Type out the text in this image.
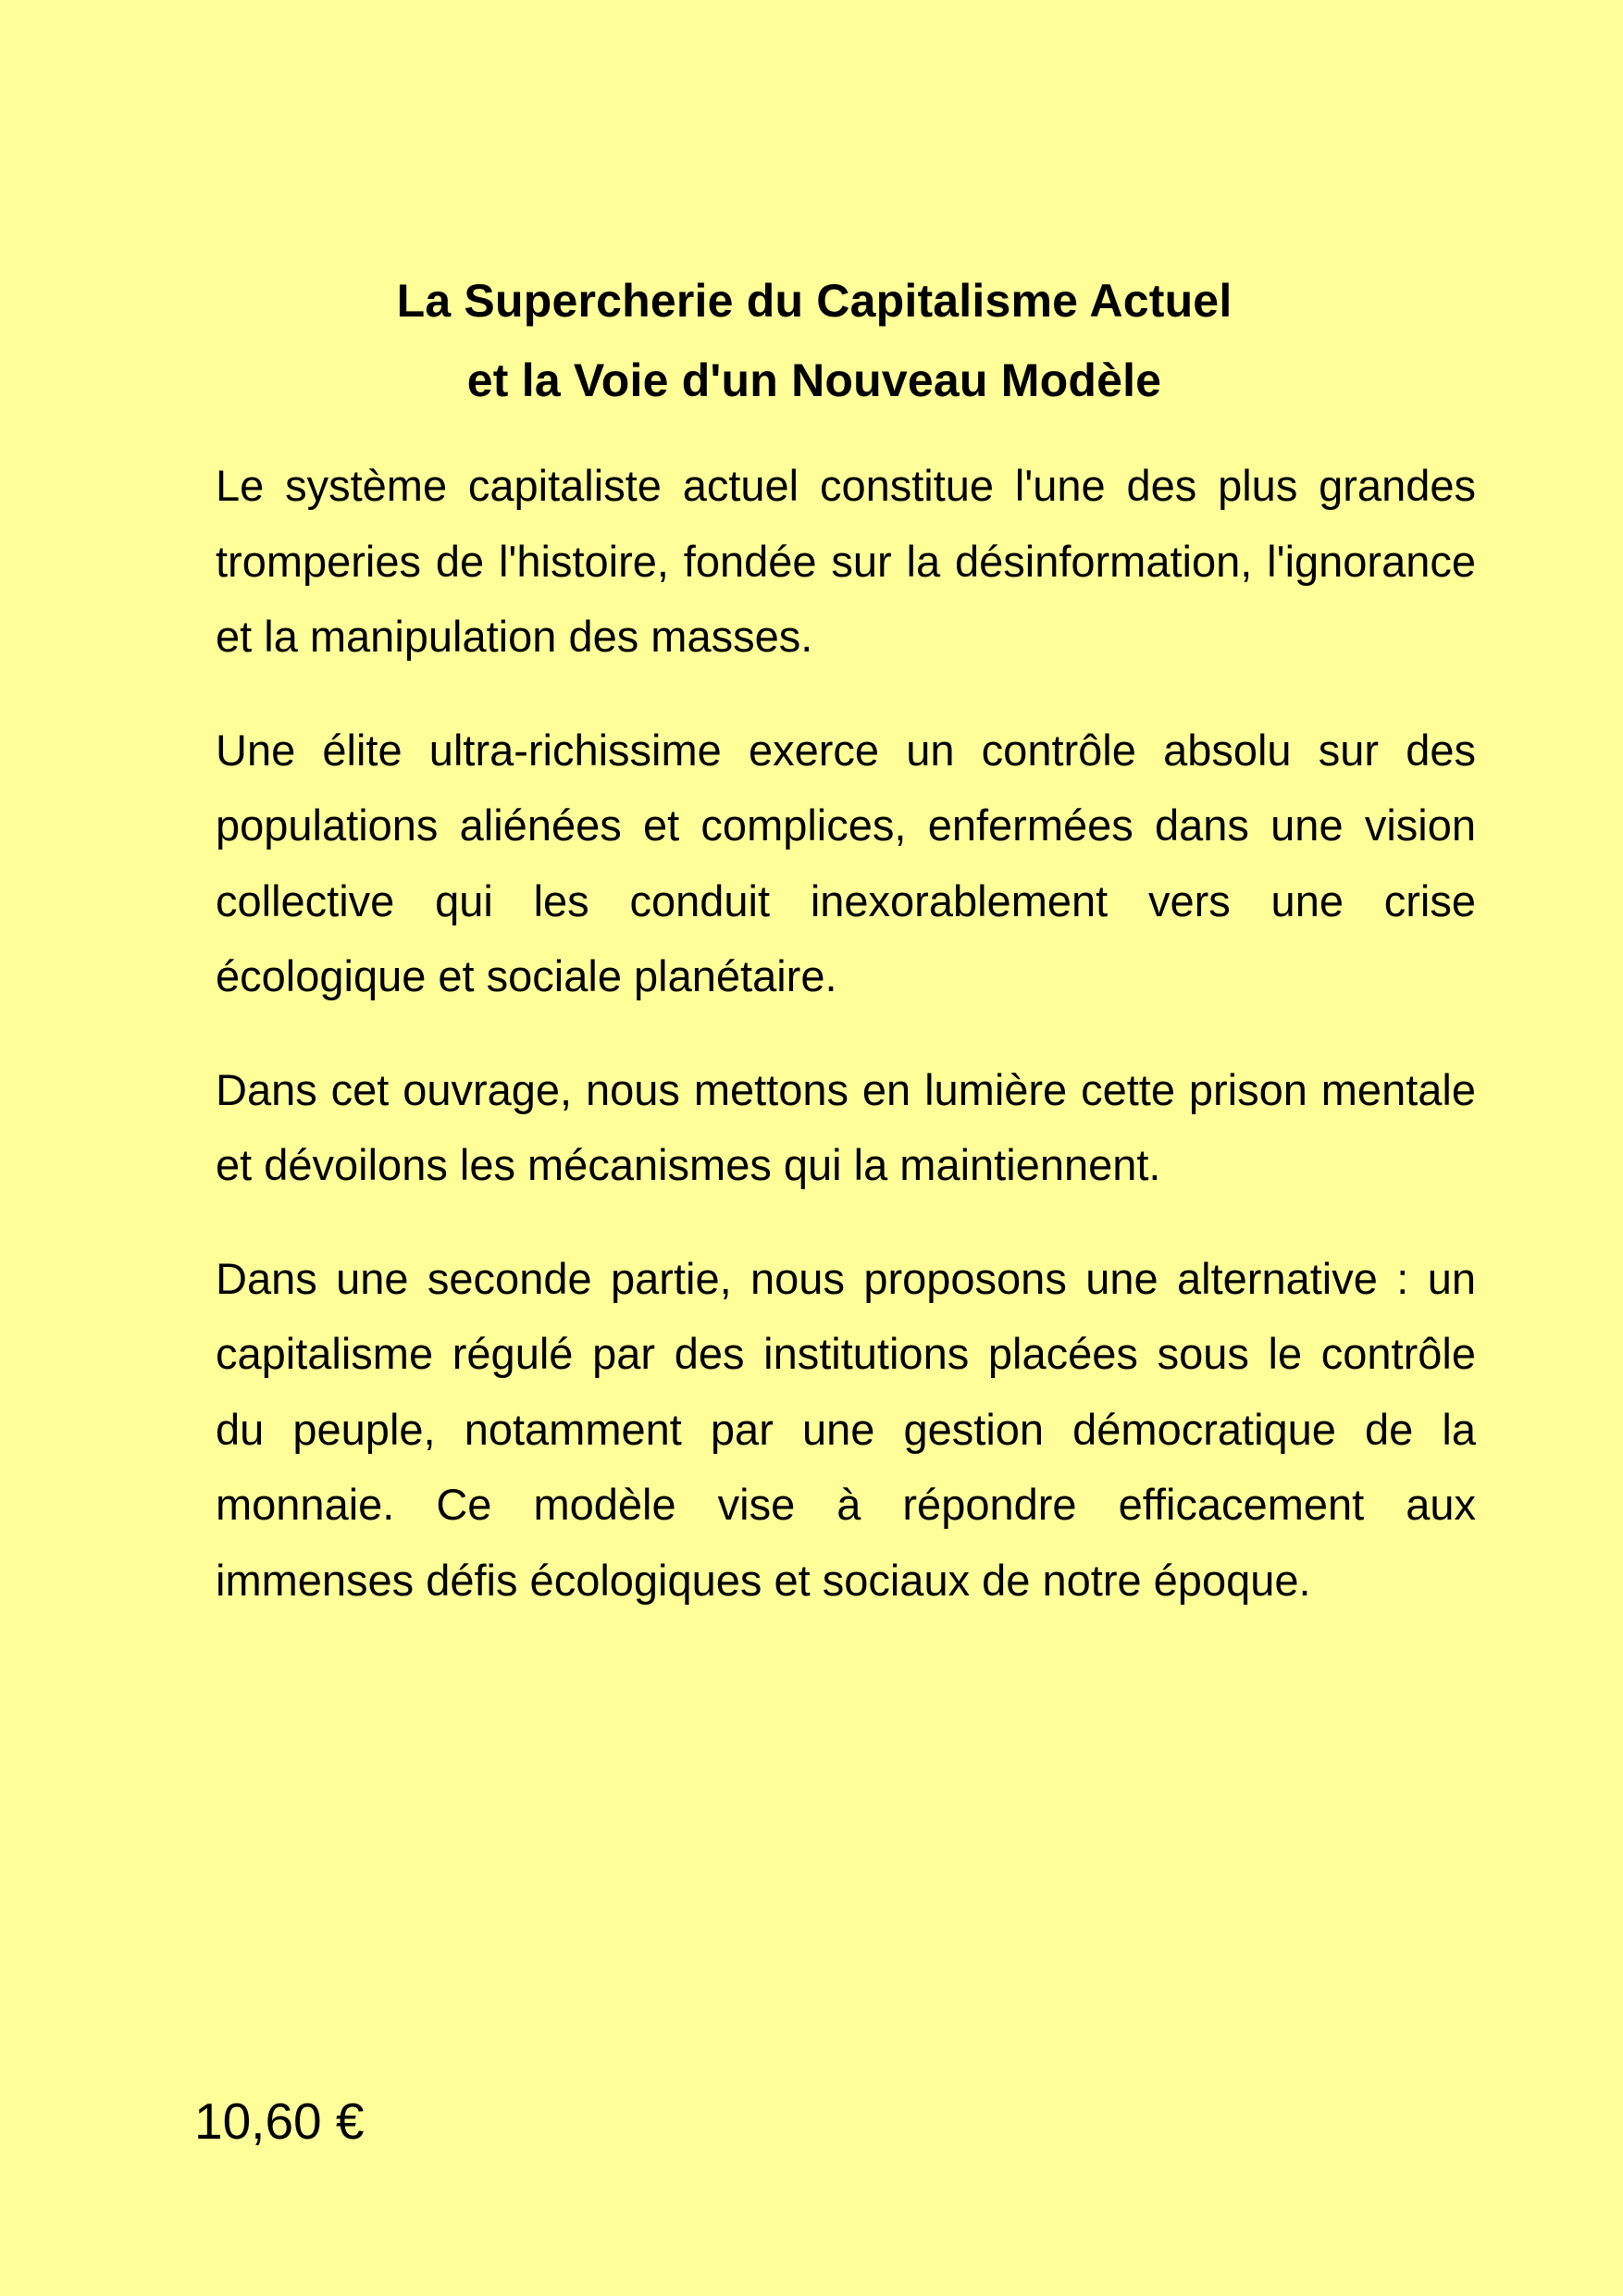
La Supercherie du Capitalisme Actuel
et la Voie d'un Nouveau Modèle

Le système capitaliste actuel constitue l'une des plus grandes tromperies de l'histoire, fondée sur la désinformation, l'ignorance et la manipulation des masses.

Une élite ultra-richissime exerce un contrôle absolu sur des populations aliénées et complices, enfermées dans une vision collective qui les conduit inexorablement vers une crise écologique et sociale planétaire.

Dans cet ouvrage, nous mettons en lumière cette prison mentale et dévoilons les mécanismes qui la maintiennent.

Dans une seconde partie, nous proposons une alternative : un capitalisme régulé par des institutions placées sous le contrôle du peuple, notamment par une gestion démocratique de la monnaie. Ce modèle vise à répondre efficacement aux immenses défis écologiques et sociaux de notre époque.

10,60 €
